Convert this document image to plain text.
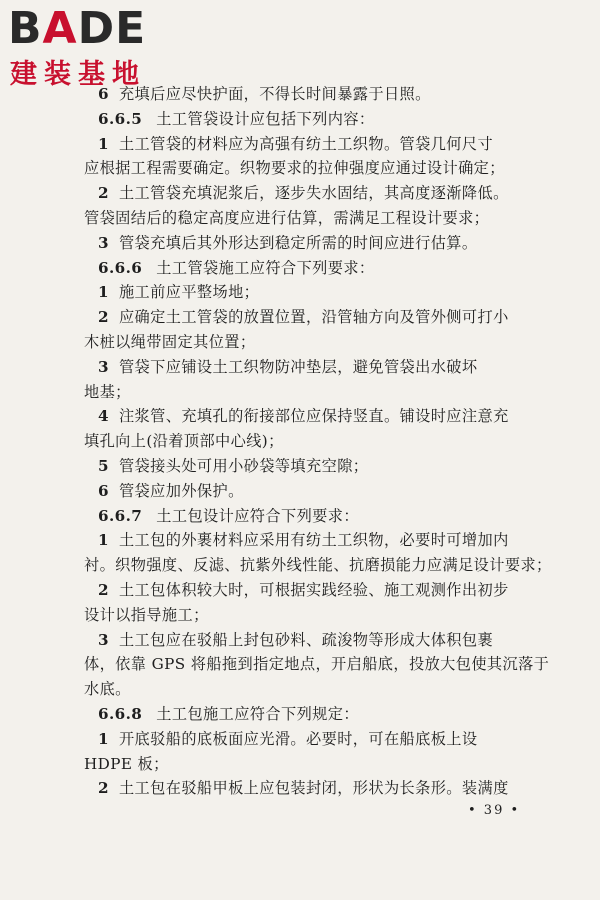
BADE
建装基地
6 充填后应尽快护面，不得长时间暴露于日照。
6.6.5 土工管袋设计应包括下列内容：
1 土工管袋的材料应为高强有纺土工织物。管袋几何尺寸
应根据工程需要确定。织物要求的拉伸强度应通过设计确定；
2 土工管袋充填泥浆后，逐步失水固结，其高度逐渐降低。
管袋固结后的稳定高度应进行估算，需满足工程设计要求；
3 管袋充填后其外形达到稳定所需的时间应进行估算。
6.6.6 土工管袋施工应符合下列要求：
1 施工前应平整场地；
2 应确定土工管袋的放置位置，沿管轴方向及管外侧可打小
木桩以绳带固定其位置；
3 管袋下应铺设土工织物防冲垫层，避免管袋出水破坏
地基；
4 注浆管、充填孔的衔接部位应保持竖直。铺设时应注意充
填孔向上(沿着顶部中心线)；
5 管袋接头处可用小砂袋等填充空隙；
6 管袋应加外保护。
6.6.7 土工包设计应符合下列要求：
1 土工包的外裹材料应采用有纺土工织物，必要时可增加内
衬。织物强度、反滤、抗紫外线性能、抗磨损能力应满足设计要求；
2 土工包体积较大时，可根据实践经验、施工观测作出初步
设计以指导施工；
3 土工包应在驳船上封包砂料、疏浚物等形成大体积包裹
体，依靠 GPS 将船拖到指定地点，开启船底，投放大包使其沉落于
水底。
6.6.8 土工包施工应符合下列规定：
1 开底驳船的底板面应光滑。必要时，可在船底板上设
HDPE 板；
2 土工包在驳船甲板上应包装封闭，形状为长条形。装满度
• 39 •
